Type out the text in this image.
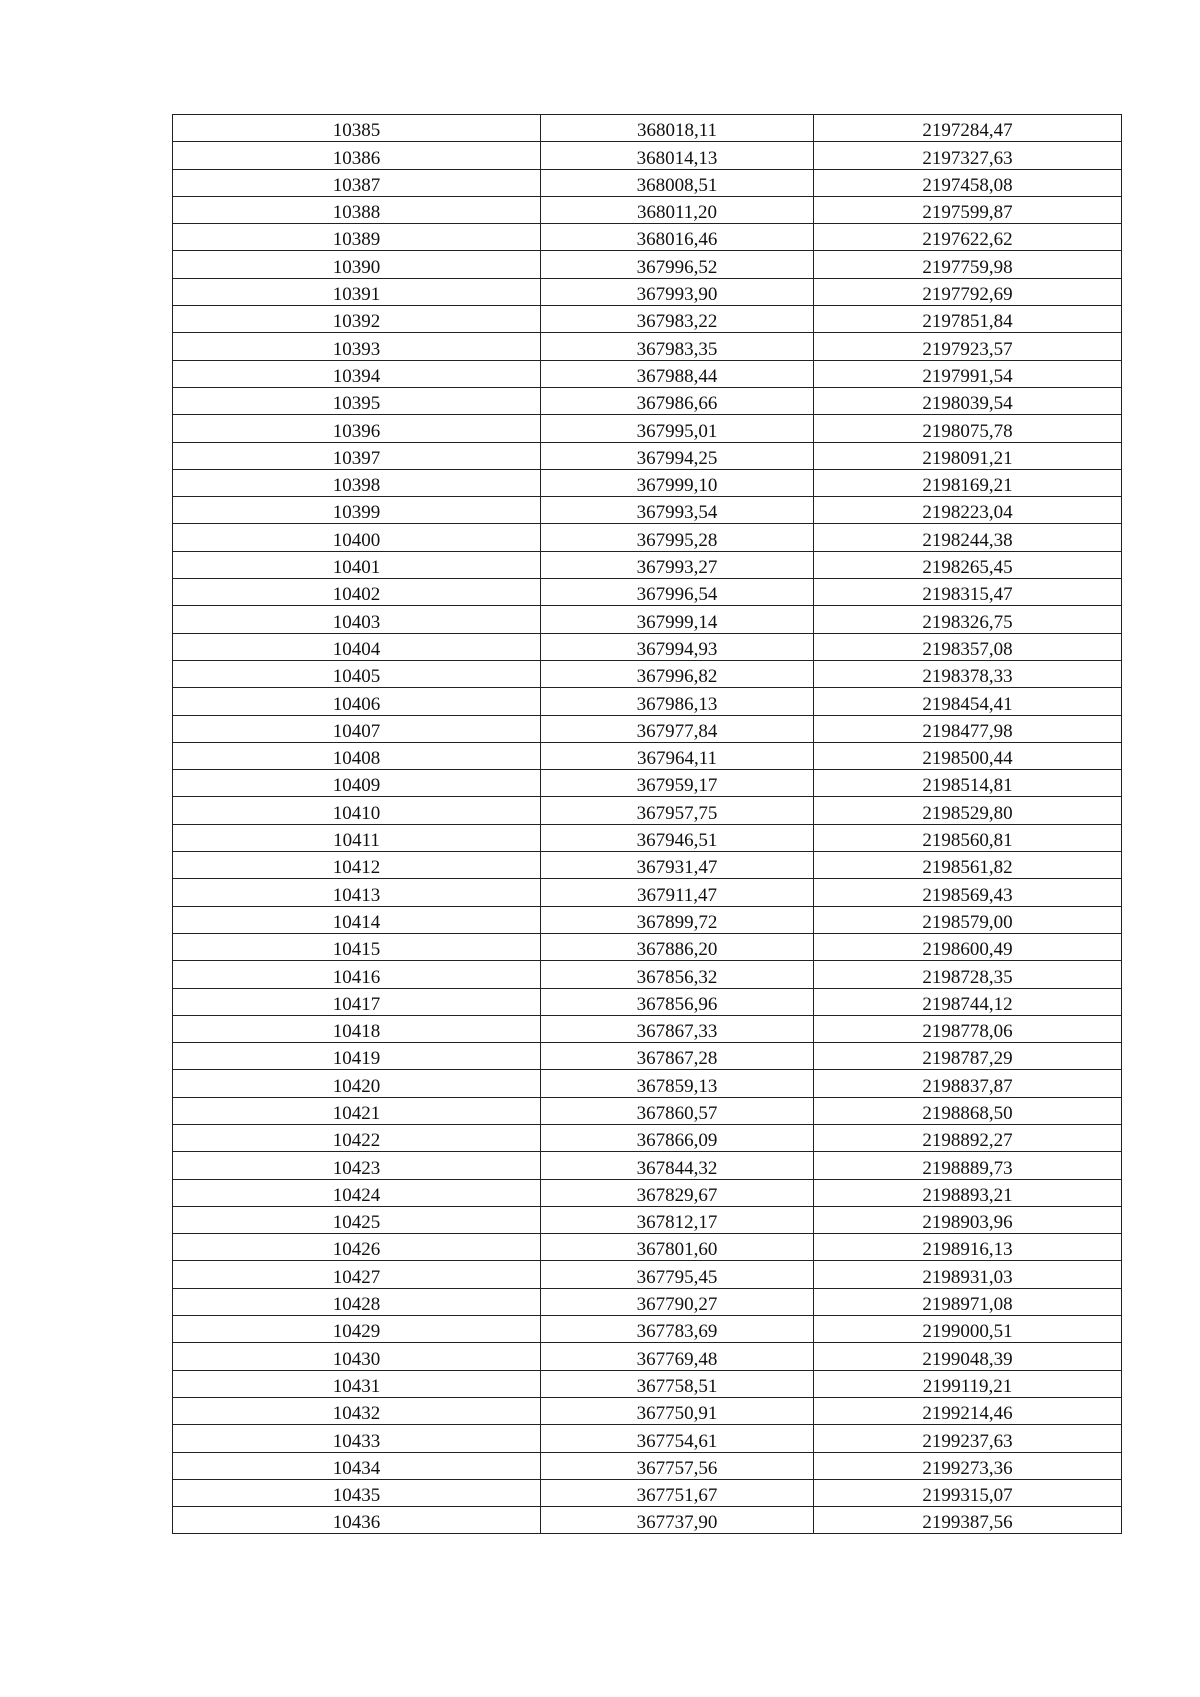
10385	368018,11	2197284,47
10386	368014,13	2197327,63
10387	368008,51	2197458,08
10388	368011,20	2197599,87
10389	368016,46	2197622,62
10390	367996,52	2197759,98
10391	367993,90	2197792,69
10392	367983,22	2197851,84
10393	367983,35	2197923,57
10394	367988,44	2197991,54
10395	367986,66	2198039,54
10396	367995,01	2198075,78
10397	367994,25	2198091,21
10398	367999,10	2198169,21
10399	367993,54	2198223,04
10400	367995,28	2198244,38
10401	367993,27	2198265,45
10402	367996,54	2198315,47
10403	367999,14	2198326,75
10404	367994,93	2198357,08
10405	367996,82	2198378,33
10406	367986,13	2198454,41
10407	367977,84	2198477,98
10408	367964,11	2198500,44
10409	367959,17	2198514,81
10410	367957,75	2198529,80
10411	367946,51	2198560,81
10412	367931,47	2198561,82
10413	367911,47	2198569,43
10414	367899,72	2198579,00
10415	367886,20	2198600,49
10416	367856,32	2198728,35
10417	367856,96	2198744,12
10418	367867,33	2198778,06
10419	367867,28	2198787,29
10420	367859,13	2198837,87
10421	367860,57	2198868,50
10422	367866,09	2198892,27
10423	367844,32	2198889,73
10424	367829,67	2198893,21
10425	367812,17	2198903,96
10426	367801,60	2198916,13
10427	367795,45	2198931,03
10428	367790,27	2198971,08
10429	367783,69	2199000,51
10430	367769,48	2199048,39
10431	367758,51	2199119,21
10432	367750,91	2199214,46
10433	367754,61	2199237,63
10434	367757,56	2199273,36
10435	367751,67	2199315,07
10436	367737,90	2199387,56
